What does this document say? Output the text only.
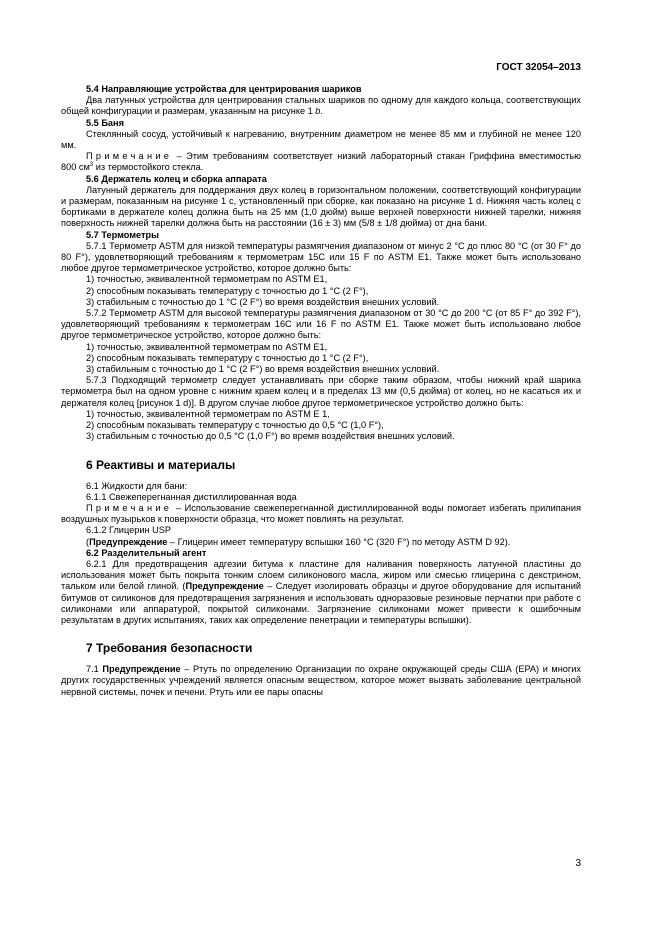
ГОСТ 32054–2013

5.4 Направляющие устройства для центрирования шариков

Два латунных устройства для центрирования стальных шариков по одному для каждого кольца, соответствующих общей конфигурации и размерам, указанным на рисунке 1 b.

5.5 Баня

Стеклянный сосуд, устойчивый к нагреванию, внутренним диаметром не менее 85 мм и глубиной не менее 120 мм.

Примечание – Этим требованиям соответствует низкий лабораторный стакан Гриффина вместимостью 800 $см^3$ из термостойкого стекла.

5.6 Держатель колец и сборка аппарата

Латунный держатель для поддержания двух колец в горизонтальном положении, соответствующий конфигурации и размерам, показанным на рисунке 1 с, установленный при сборке, как показано на рисунке 1 d. Нижняя часть колец с бортиками в держателе колец должна быть на 25 мм (1,0 дюйм) выше верхней поверхности нижней тарелки, нижняя поверхность нижней тарелки должна быть на расстоянии (16 ± 3) мм (5/8 ± 1/8 дюйма) от дна бани.

5.7 Термометры

5.7.1 Термометр ASTM для низкой температуры размягчения диапазоном от минус 2 °C до плюс 80 °C (от 30 F° до 80 F°), удовлетворяющий требованиям к термометрам 15C или 15 F по ASTM E1. Также может быть использовано любое другое термометрическое устройство, которое должно быть:

1) точностью, эквивалентной термометрам по ASTM E1,

2) способным показывать температуру с точностью до 1 °C (2 F°),

3) стабильным с точностью до 1 °C (2 F°) во время воздействия внешних условий.

5.7.2 Термометр ASTM для высокой температуры размягчения диапазоном от 30 °C до 200 °C (от 85 F° до 392 F°), удовлетворяющий требованиям к термометрам 16C или 16 F по ASTM E1. Также может быть использовано любое другое термометрическое устройство, которое должно быть:

1) точностью, эквивалентной термометрам по ASTM E1,

2) способным показывать температуру с точностью до 1 °C (2 F°),

3) стабильным с точностью до 1 °C (2 F°) во время воздействия внешних условий.

5.7.3 Подходящий термометр следует устанавливать при сборке таким образом, чтобы нижний край шарика термометра был на одном уровне с нижним краем колец и в пределах 13 мм (0,5 дюйма) от колец, но не касаться их и держателя колец [рисунок 1 d)]. В другом случае любое другое термометрическое устройство должно быть:

1) точностью, эквивалентной термометрам по ASTM E 1,

2) способным показывать температуру с точностью до 0,5 °C (1,0 F°),

3) стабильным с точностью до 0,5 °C (1,0 F°) во время воздействия внешних условий.

6 Реактивы и материалы

6.1 Жидкости для бани:

6.1.1 Свежеперегнанная дистиллированная вода

Примечание – Использование свежеперегнанной дистиллированной воды помогает избегать прилипания воздушных пузырьков к поверхности образца, что может повлиять на результат.

6.1.2 Глицерин USP

(Предупреждение – Глицерин имеет температуру вспышки 160 °C (320 F°) по методу ASTM D 92).

6.2 Разделительный агент

6.2.1 Для предотвращения адгезии битума к пластине для наливания поверхность латунной пластины до использования может быть покрыта тонким слоем силиконового масла, жиром или смесью глицерина с декстрином, тальком или белой глиной. (Предупреждение – Следует изолировать образцы и другое оборудование для испытаний битумов от силиконов для предотвращения загрязнения и использовать одноразовые резиновые перчатки при работе с силиконами или аппаратурой, покрытой силиконами. Загрязнение силиконами может привести к ошибочным результатам в других испытаниях, таких как определение пенетрации и температуры вспышки).

7 Требования безопасности

7.1 Предупреждение – Ртуть по определению Организации по охране окружающей среды США (EPA) и многих других государственных учреждений является опасным веществом, которое может вызвать заболевание центральной нервной системы, почек и печени. Ртуть или ее пары опасны

3
